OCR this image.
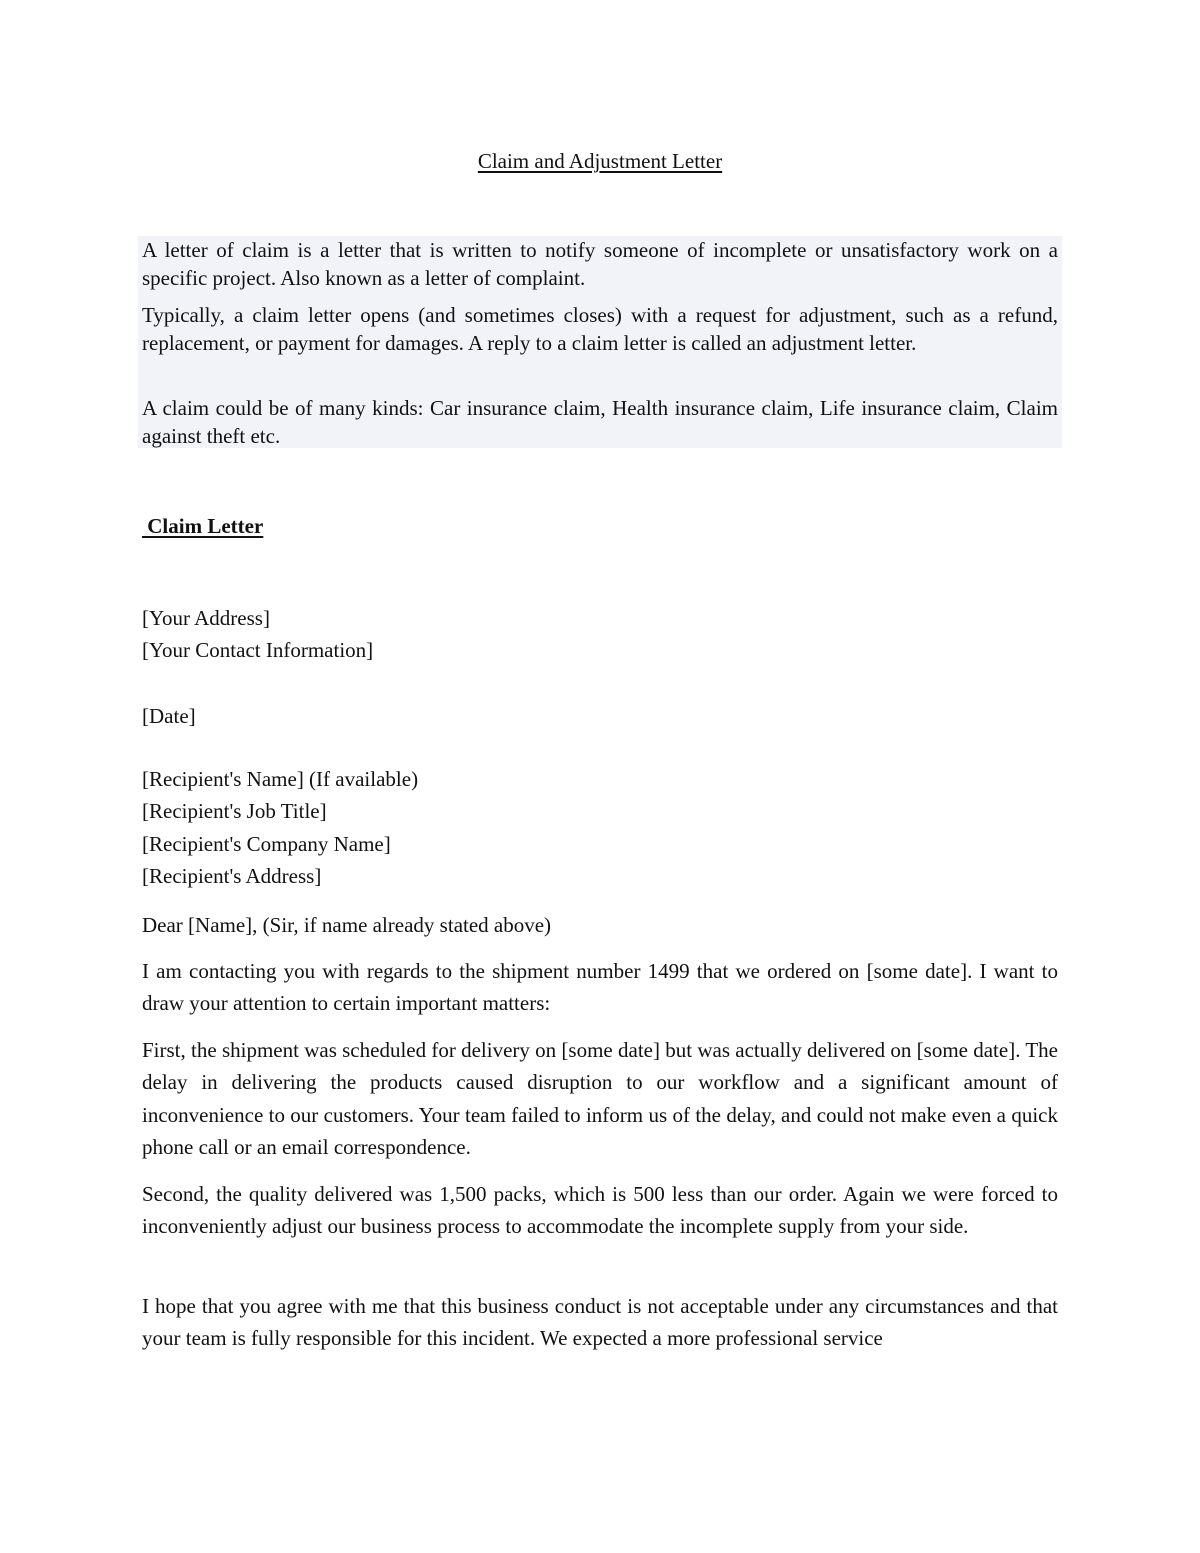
Claim and Adjustment Letter

A letter of claim is a letter that is written to notify someone of incomplete or unsatisfactory work on a specific project. Also known as a letter of complaint.

Typically, a claim letter opens (and sometimes closes) with a request for adjustment, such as a refund, replacement, or payment for damages. A reply to a claim letter is called an adjustment letter.

A claim could be of many kinds: Car insurance claim, Health insurance claim, Life insurance claim, Claim against theft etc.

Claim Letter
[Your Address]
[Your Contact Information]
[Date]
[Recipient's Name] (If available)
[Recipient's Job Title]
[Recipient's Company Name]
[Recipient's Address]
Dear [Name], (Sir, if name already stated above)

I am contacting you with regards to the shipment number 1499 that we ordered on [some date]. I want to draw your attention to certain important matters:

First, the shipment was scheduled for delivery on [some date] but was actually delivered on [some date]. The delay in delivering the products caused disruption to our workflow and a significant amount of inconvenience to our customers. Your team failed to inform us of the delay, and could not make even a quick phone call or an email correspondence.

Second, the quality delivered was 1,500 packs, which is 500 less than our order. Again we were forced to inconveniently adjust our business process to accommodate the incomplete supply from your side.

I hope that you agree with me that this business conduct is not acceptable under any circumstances and that your team is fully responsible for this incident. We expected a more professional service
